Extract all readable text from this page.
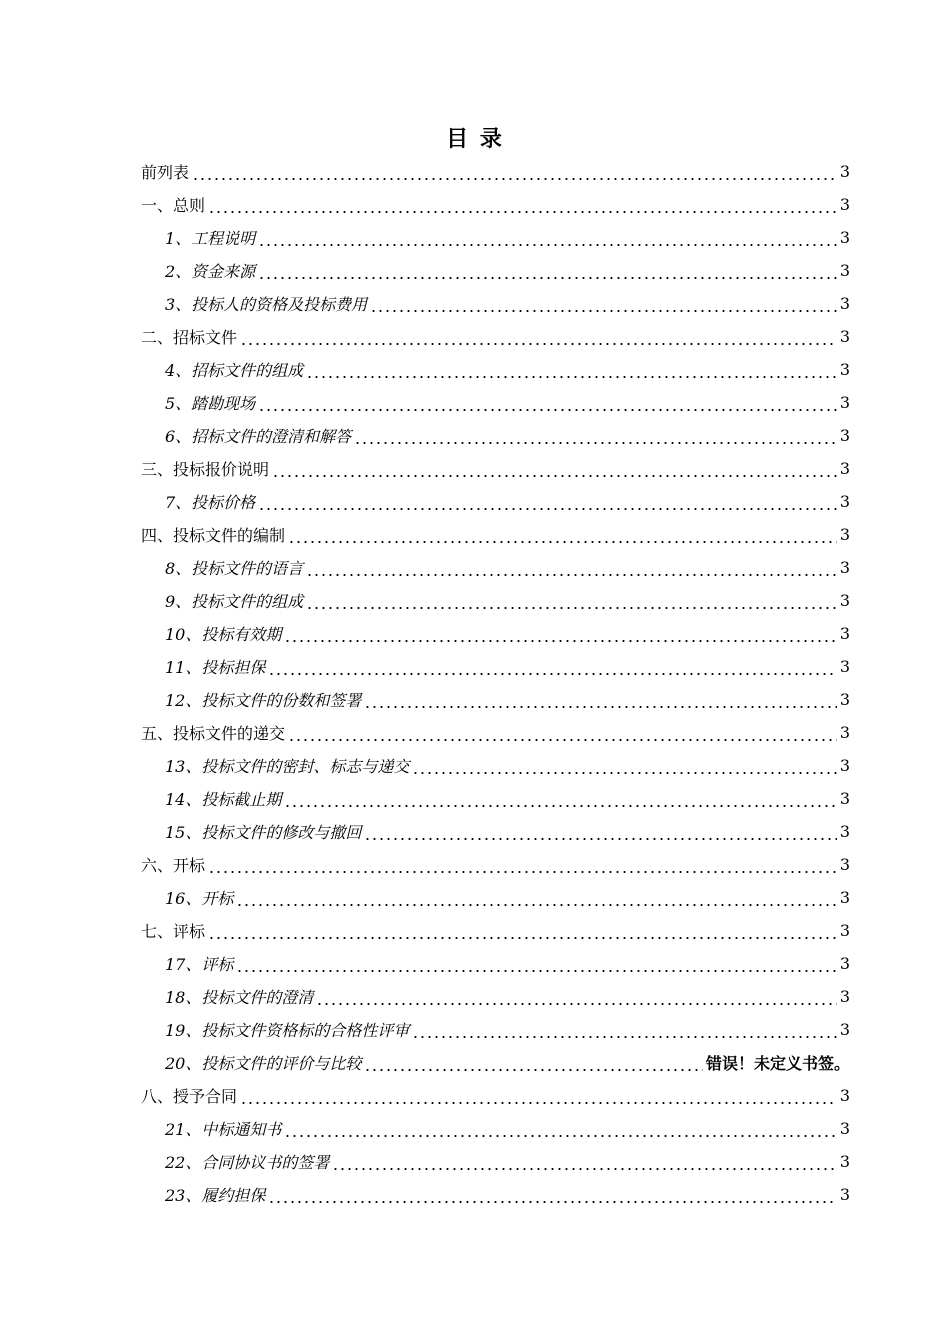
目 录
前列表	3
一、总则	3
1、工程说明	3
2、资金来源	3
3、投标人的资格及投标费用	3
二、招标文件	3
4、招标文件的组成	3
5、踏勘现场	3
6、招标文件的澄清和解答	3
三、投标报价说明	3
7、投标价格	3
四、投标文件的编制	3
8、投标文件的语言	3
9、投标文件的组成	3
10、投标有效期	3
11、投标担保	3
12、投标文件的份数和签署	3
五、投标文件的递交	3
13、投标文件的密封、标志与递交	3
14、投标截止期	3
15、投标文件的修改与撤回	3
六、开标	3
16、开标	3
七、评标	3
17、评标	3
18、投标文件的澄清	3
19、投标文件资格标的合格性评审	3
20、投标文件的评价与比较	错误！未定义书签。
八、授予合同	3
21、中标通知书	3
22、合同协议书的签署	3
23、履约担保	3
